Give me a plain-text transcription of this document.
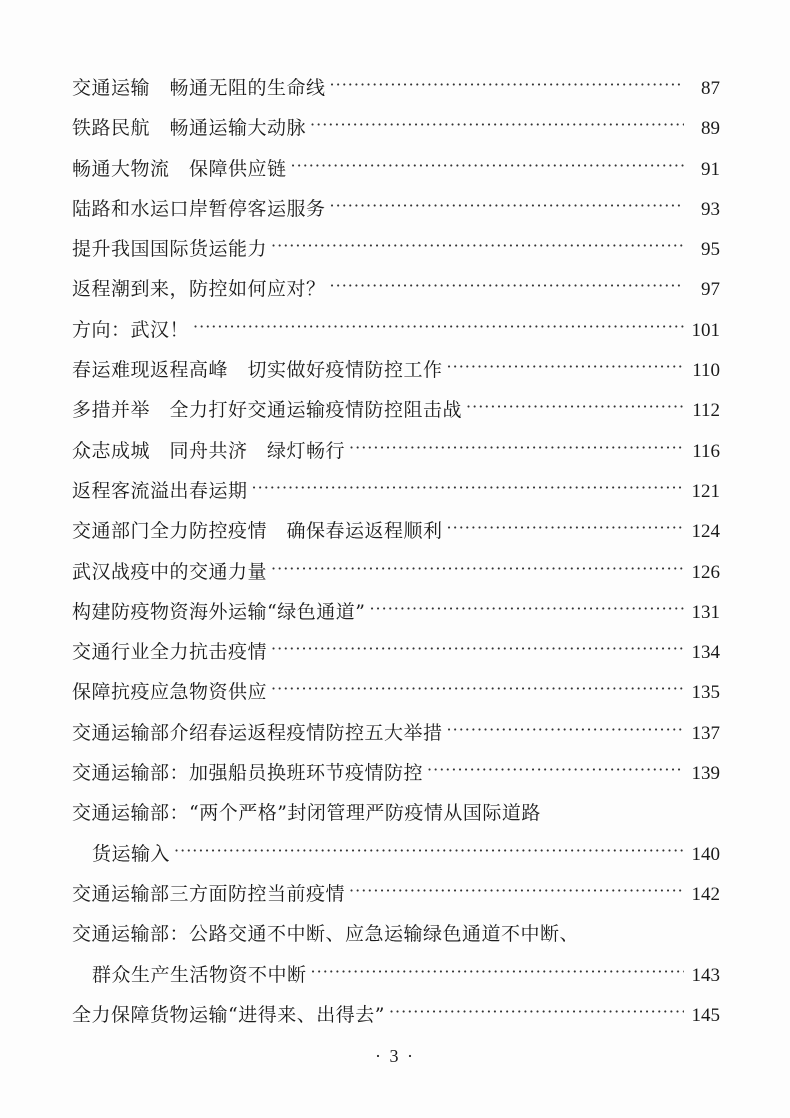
交通运输　畅通无阻的生命线 ·····	87
铁路民航　畅通运输大动脉 ·····	89
畅通大物流　保障供应链 ·····	91
陆路和水运口岸暂停客运服务 ·····	93
提升我国国际货运能力 ·····	95
返程潮到来，防控如何应对？ ·····	97
方向：武汉！ ·····	101
春运难现返程高峰　切实做好疫情防控工作 ·····	110
多措并举　全力打好交通运输疫情防控阻击战 ·····	112
众志成城　同舟共济　绿灯畅行 ·····	116
返程客流溢出春运期 ·····	121
交通部门全力防控疫情　确保春运返程顺利 ·····	124
武汉战疫中的交通力量 ·····	126
构建防疫物资海外运输“绿色通道” ·····	131
交通行业全力抗击疫情 ·····	134
保障抗疫应急物资供应 ·····	135
交通运输部介绍春运返程疫情防控五大举措 ·····	137
交通运输部：加强船员换班环节疫情防控 ·····	139
交通运输部：“两个严格”封闭管理严防疫情从国际道路
货运输入 ·····	140
交通运输部三方面防控当前疫情 ·····	142
交通运输部：公路交通不中断、应急运输绿色通道不中断、
群众生产生活物资不中断 ·····	143
全力保障货物运输“进得来、出得去” ·····	145
· 3 ·
